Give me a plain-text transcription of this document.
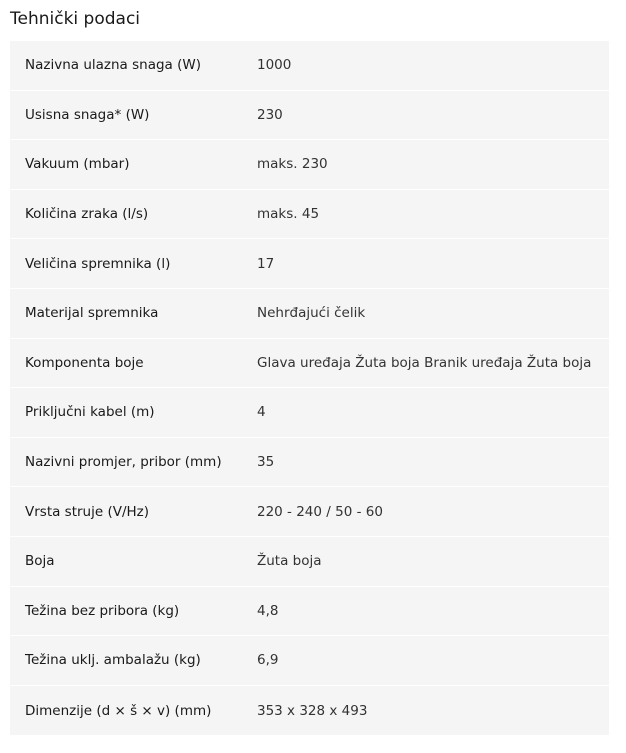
Tehnički podaci
Nazivna ulazna snaga (W)	1000
Usisna snaga* (W)	230
Vakuum (mbar)	maks. 230
Količina zraka (l/s)	maks. 45
Veličina spremnika (l)	17
Materijal spremnika	Nehrđajući čelik
Komponenta boje	Glava uređaja Žuta boja Branik uređaja Žuta boja
Priključni kabel (m)	4
Nazivni promjer, pribor (mm)	35
Vrsta struje (V/Hz)	220 - 240 / 50 - 60
Boja	Žuta boja
Težina bez pribora (kg)	4,8
Težina uklj. ambalažu (kg)	6,9
Dimenzije (d × š × v) (mm)	353 x 328 x 493
